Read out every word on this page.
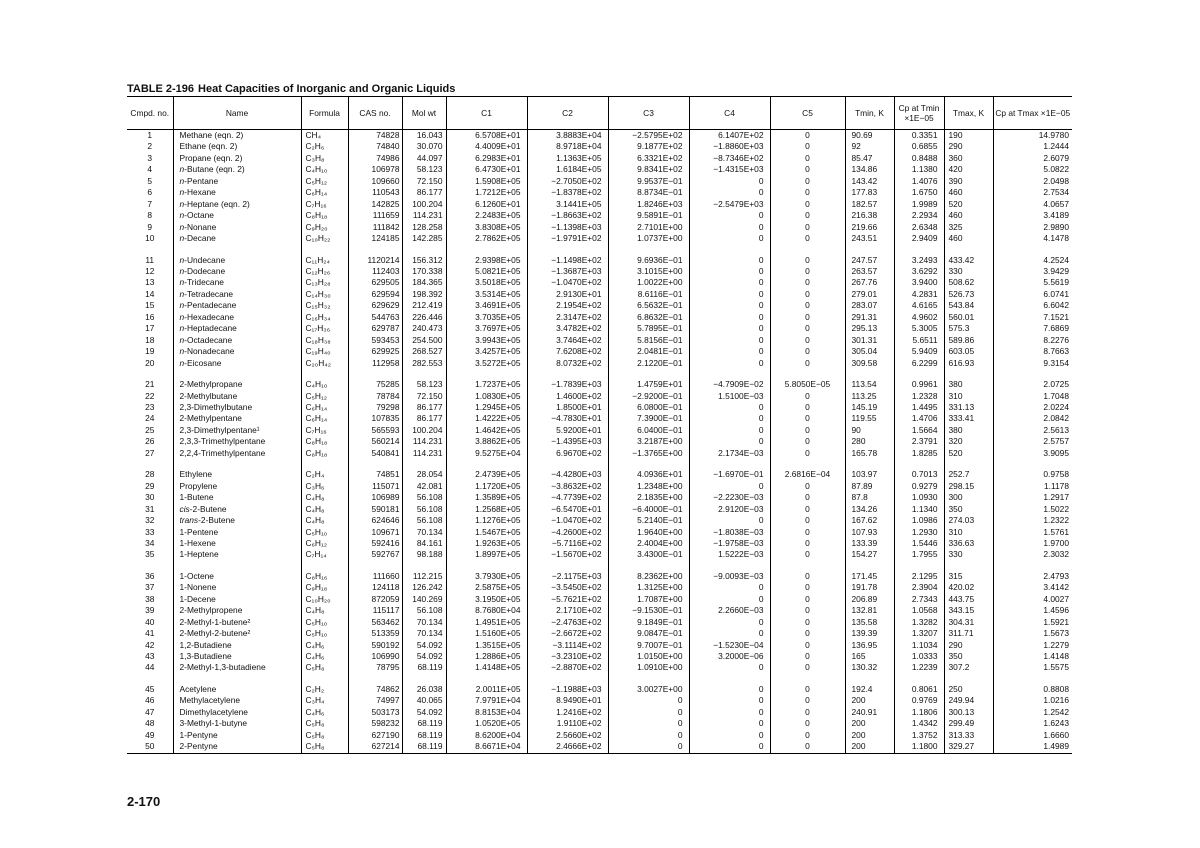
TABLE 2-196 Heat Capacities of Inorganic and Organic Liquids
Cmpd. no.	Name	Formula	CAS no.	Mol wt	C1	C2	C3	C4	C5	Tmin, K	Cp at Tmin ×1E−05	Tmax, K	Cp at Tmax ×1E−05
1	Methane (eqn. 2)	CH₄	74828	16.043	6.5708E+01	3.8883E+04	−2.5795E+02	6.1407E+02	0	90.69	0.3351	190	14.9780
2	Ethane (eqn. 2)	C₂H₆	74840	30.070	4.4009E+01	8.9718E+04	9.1877E+02	−1.8860E+03	0	92	0.6855	290	1.2444
3	Propane (eqn. 2)	C₃H₈	74986	44.097	6.2983E+01	1.1363E+05	6.3321E+02	−8.7346E+02	0	85.47	0.8488	360	2.6079
4	n-Butane (eqn. 2)	C₄H₁₀	106978	58.123	6.4730E+01	1.6184E+05	9.8341E+02	−1.4315E+03	0	134.86	1.1380	420	5.0822
5	n-Pentane	C₅H₁₂	109660	72.150	1.5908E+05	−2.7050E+02	9.9537E−01	0	0	143.42	1.4076	390	2.0498
6	n-Hexane	C₆H₁₄	110543	86.177	1.7212E+05	−1.8378E+02	8.8734E−01	0	0	177.83	1.6750	460	2.7534
7	n-Heptane (eqn. 2)	C₇H₁₆	142825	100.204	6.1260E+01	3.1441E+05	1.8246E+03	−2.5479E+03	0	182.57	1.9989	520	4.0657
8	n-Octane	C₈H₁₈	111659	114.231	2.2483E+05	−1.8663E+02	9.5891E−01	0	0	216.38	2.2934	460	3.4189
9	n-Nonane	C₉H₂₀	111842	128.258	3.8308E+05	−1.1398E+03	2.7101E+00	0	0	219.66	2.6348	325	2.9890
10	n-Decane	C₁₀H₂₂	124185	142.285	2.7862E+05	−1.9791E+02	1.0737E+00	0	0	243.51	2.9409	460	4.1478

11	n-Undecane	C₁₁H₂₄	1120214	156.312	2.9398E+05	−1.1498E+02	9.6936E−01	0	0	247.57	3.2493	433.42	4.2524
12	n-Dodecane	C₁₂H₂₆	112403	170.338	5.0821E+05	−1.3687E+03	3.1015E+00	0	0	263.57	3.6292	330	3.9429
13	n-Tridecane	C₁₃H₂₈	629505	184.365	3.5018E+05	−1.0470E+02	1.0022E+00	0	0	267.76	3.9400	508.62	5.5619
14	n-Tetradecane	C₁₄H₃₀	629594	198.392	3.5314E+05	2.9130E+01	8.6116E−01	0	0	279.01	4.2831	526.73	6.0741
15	n-Pentadecane	C₁₅H₃₂	629629	212.419	3.4691E+05	2.1954E+02	6.5632E−01	0	0	283.07	4.6165	543.84	6.6042
16	n-Hexadecane	C₁₆H₃₄	544763	226.446	3.7035E+05	2.3147E+02	6.8632E−01	0	0	291.31	4.9602	560.01	7.1521
17	n-Heptadecane	C₁₇H₃₆	629787	240.473	3.7697E+05	3.4782E+02	5.7895E−01	0	0	295.13	5.3005	575.3	7.6869
18	n-Octadecane	C₁₈H₃₈	593453	254.500	3.9943E+05	3.7464E+02	5.8156E−01	0	0	301.31	5.6511	589.86	8.2276
19	n-Nonadecane	C₁₉H₄₀	629925	268.527	3.4257E+05	7.6208E+02	2.0481E−01	0	0	305.04	5.9409	603.05	8.7663
20	n-Eicosane	C₂₀H₄₂	112958	282.553	3.5272E+05	8.0732E+02	2.1220E−01	0	0	309.58	6.2299	616.93	9.3154

21	2-Methylpropane	C₄H₁₀	75285	58.123	1.7237E+05	−1.7839E+03	1.4759E+01	−4.7909E−02	5.8050E−05	113.54	0.9961	380	2.0725
22	2-Methylbutane	C₅H₁₂	78784	72.150	1.0830E+05	1.4600E+02	−2.9200E−01	1.5100E−03	0	113.25	1.2328	310	1.7048
23	2,3-Dimethylbutane	C₆H₁₄	79298	86.177	1.2945E+05	1.8500E+01	6.0800E−01	0	0	145.19	1.4495	331.13	2.0224
24	2-Methylpentane	C₆H₁₄	107835	86.177	1.4222E+05	−4.7830E+01	7.3900E−01	0	0	119.55	1.4706	333.41	2.0842
25	2,3-Dimethylpentane¹	C₇H₁₆	565593	100.204	1.4642E+05	5.9200E+01	6.0400E−01	0	0	90	1.5664	380	2.5613
26	2,3,3-Trimethylpentane	C₈H₁₈	560214	114.231	3.8862E+05	−1.4395E+03	3.2187E+00	0	0	280	2.3791	320	2.5757
27	2,2,4-Trimethylpentane	C₈H₁₈	540841	114.231	9.5275E+04	6.9670E+02	−1.3765E+00	2.1734E−03	0	165.78	1.8285	520	3.9095

28	Ethylene	C₂H₄	74851	28.054	2.4739E+05	−4.4280E+03	4.0936E+01	−1.6970E−01	2.6816E−04	103.97	0.7013	252.7	0.9758
29	Propylene	C₃H₆	115071	42.081	1.1720E+05	−3.8632E+02	1.2348E+00	0	0	87.89	0.9279	298.15	1.1178
30	1-Butene	C₄H₈	106989	56.108	1.3589E+05	−4.7739E+02	2.1835E+00	−2.2230E−03	0	87.8	1.0930	300	1.2917
31	cis-2-Butene	C₄H₈	590181	56.108	1.2568E+05	−6.5470E+01	−6.4000E−01	2.9120E−03	0	134.26	1.1340	350	1.5022
32	trans-2-Butene	C₄H₈	624646	56.108	1.1276E+05	−1.0470E+02	5.2140E−01	0	0	167.62	1.0986	274.03	1.2322
33	1-Pentene	C₅H₁₀	109671	70.134	1.5467E+05	−4.2600E+02	1.9640E+00	−1.8038E−03	0	107.93	1.2930	310	1.5761
34	1-Hexene	C₆H₁₂	592416	84.161	1.9263E+05	−5.7116E+02	2.4004E+00	−1.9758E−03	0	133.39	1.5446	336.63	1.9700
35	1-Heptene	C₇H₁₄	592767	98.188	1.8997E+05	−1.5670E+02	3.4300E−01	1.5222E−03	0	154.27	1.7955	330	2.3032

36	1-Octene	C₈H₁₆	111660	112.215	3.7930E+05	−2.1175E+03	8.2362E+00	−9.0093E−03	0	171.45	2.1295	315	2.4793
37	1-Nonene	C₉H₁₈	124118	126.242	2.5875E+05	−3.5450E+02	1.3125E+00	0	0	191.78	2.3904	420.02	3.4142
38	1-Decene	C₁₀H₂₀	872059	140.269	3.1950E+05	−5.7621E+02	1.7087E+00	0	0	206.89	2.7343	443.75	4.0027
39	2-Methylpropene	C₄H₈	115117	56.108	8.7680E+04	2.1710E+02	−9.1530E−01	2.2660E−03	0	132.81	1.0568	343.15	1.4596
40	2-Methyl-1-butene²	C₅H₁₀	563462	70.134	1.4951E+05	−2.4763E+02	9.1849E−01	0	0	135.58	1.3282	304.31	1.5921
41	2-Methyl-2-butene²	C₅H₁₀	513359	70.134	1.5160E+05	−2.6672E+02	9.0847E−01	0	0	139.39	1.3207	311.71	1.5673
42	1,2-Butadiene	C₄H₆	590192	54.092	1.3515E+05	−3.1114E+02	9.7007E−01	−1.5230E−04	0	136.95	1.1034	290	1.2279
43	1,3-Butadiene	C₄H₆	106990	54.092	1.2886E+05	−3.2310E+02	1.0150E+00	3.2000E−06	0	165	1.0333	350	1.4148
44	2-Methyl-1,3-butadiene	C₅H₈	78795	68.119	1.4148E+05	−2.8870E+02	1.0910E+00	0	0	130.32	1.2239	307.2	1.5575

45	Acetylene	C₂H₂	74862	26.038	2.0011E+05	−1.1988E+03	3.0027E+00	0	0	192.4	0.8061	250	0.8808
46	Methylacetylene	C₃H₄	74997	40.065	7.9791E+04	8.9490E+01	0	0	0	200	0.9769	249.94	1.0216
47	Dimethylacetylene	C₄H₆	503173	54.092	8.8153E+04	1.2416E+02	0	0	0	240.91	1.1806	300.13	1.2542
48	3-Methyl-1-butyne	C₅H₈	598232	68.119	1.0520E+05	1.9110E+02	0	0	0	200	1.4342	299.49	1.6243
49	1-Pentyne	C₅H₈	627190	68.119	8.6200E+04	2.5660E+02	0	0	0	200	1.3752	313.33	1.6660
50	2-Pentyne	C₅H₈	627214	68.119	8.6671E+04	2.4666E+02	0	0	0	200	1.1800	329.27	1.4989
2-170
